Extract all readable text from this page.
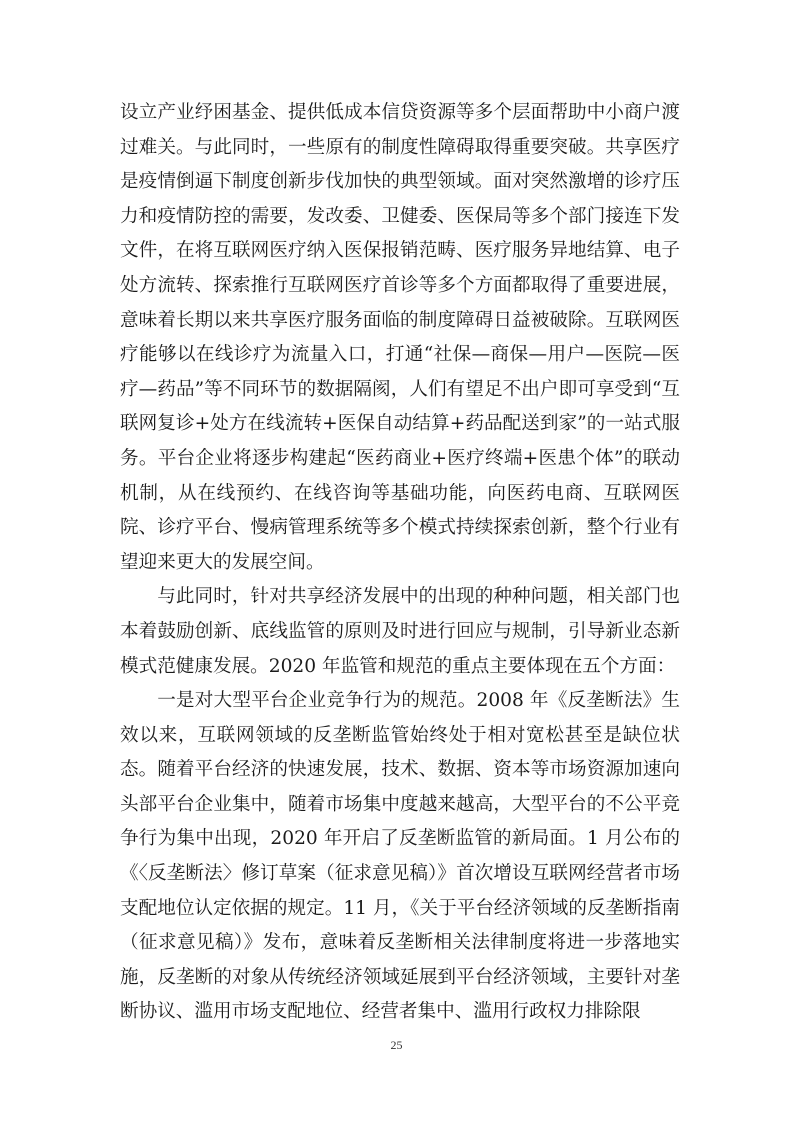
设立产业纾困基金、提供低成本信贷资源等多个层面帮助中小商户渡过难关。与此同时，一些原有的制度性障碍取得重要突破。共享医疗是疫情倒逼下制度创新步伐加快的典型领域。面对突然激增的诊疗压力和疫情防控的需要，发改委、卫健委、医保局等多个部门接连下发文件，在将互联网医疗纳入医保报销范畴、医疗服务异地结算、电子处方流转、探索推行互联网医疗首诊等多个方面都取得了重要进展，意味着长期以来共享医疗服务面临的制度障碍日益被破除。互联网医疗能够以在线诊疗为流量入口，打通“社保—商保—用户—医院—医疗—药品”等不同环节的数据隔阂，人们有望足不出户即可享受到“互联网复诊+处方在线流转+医保自动结算+药品配送到家”的一站式服务。平台企业将逐步构建起“医药商业+医疗终端+医患个体”的联动机制，从在线预约、在线咨询等基础功能，向医药电商、互联网医院、诊疗平台、慢病管理系统等多个模式持续探索创新，整个行业有望迎来更大的发展空间。

与此同时，针对共享经济发展中的出现的种种问题，相关部门也本着鼓励创新、底线监管的原则及时进行回应与规制，引导新业态新模式范健康发展。2020 年监管和规范的重点主要体现在五个方面：

一是对大型平台企业竞争行为的规范。2008 年《反垄断法》生效以来，互联网领域的反垄断监管始终处于相对宽松甚至是缺位状态。随着平台经济的快速发展，技术、数据、资本等市场资源加速向头部平台企业集中，随着市场集中度越来越高，大型平台的不公平竞争行为集中出现，2020 年开启了反垄断监管的新局面。1 月公布的《〈反垄断法〉修订草案（征求意见稿）》首次增设互联网经营者市场支配地位认定依据的规定。11 月，《关于平台经济领域的反垄断指南（征求意见稿）》发布，意味着反垄断相关法律制度将进一步落地实施，反垄断的对象从传统经济领域延展到平台经济领域，主要针对垄断协议、滥用市场支配地位、经营者集中、滥用行政权力排除限

25
